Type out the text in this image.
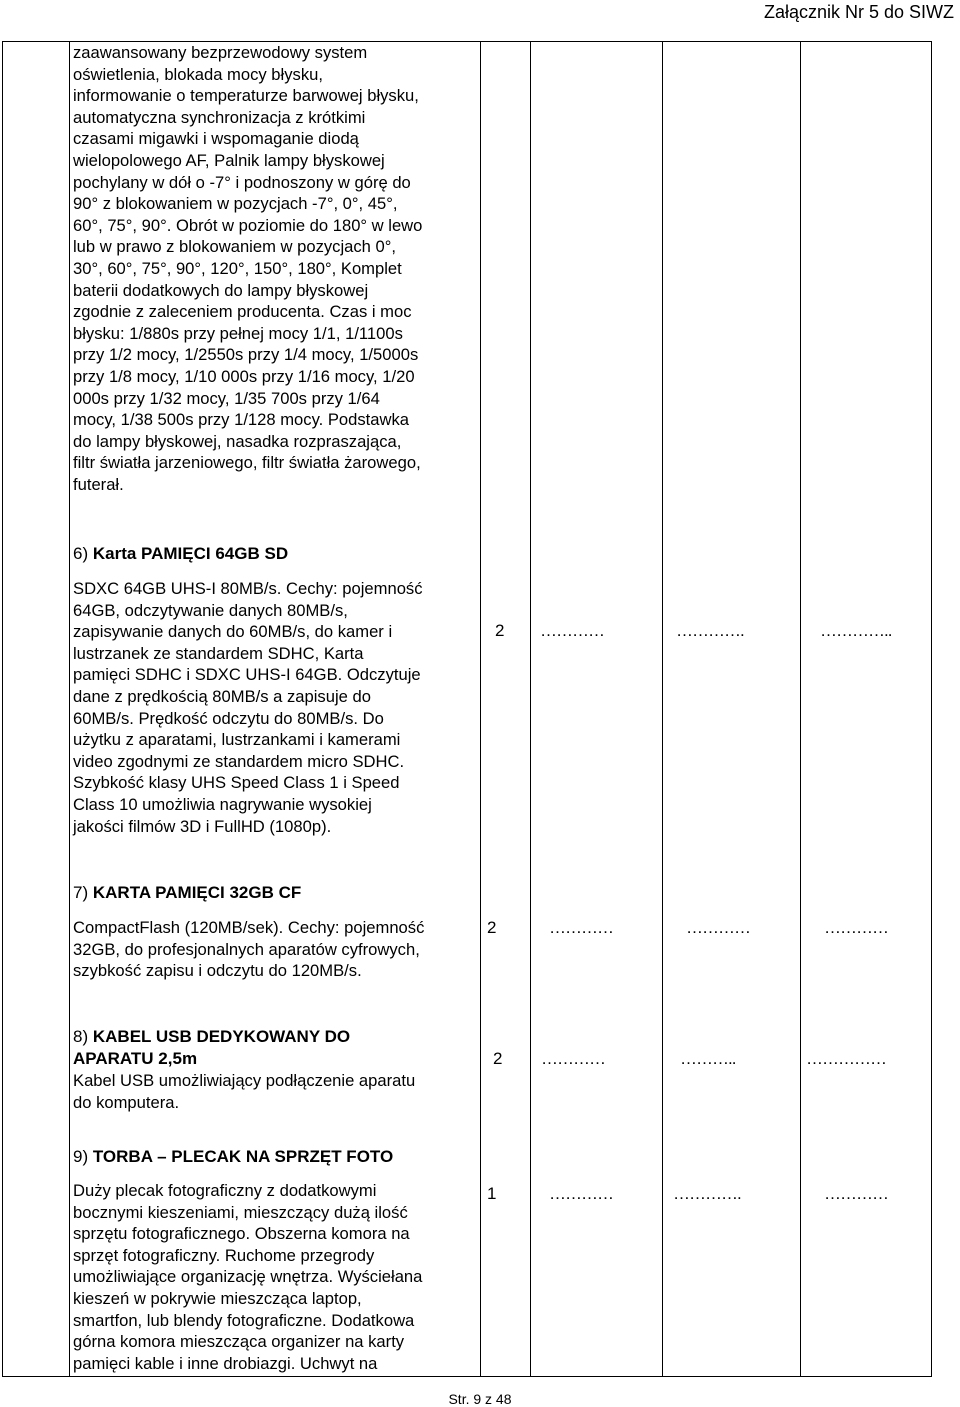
Załącznik Nr 5 do SIWZ
zaawansowany bezprzewodowy system
oświetlenia, blokada mocy błysku,
informowanie o temperaturze barwowej błysku,
automatyczna synchronizacja z krótkimi
czasami migawki i wspomaganie diodą
wielopolowego AF, Palnik lampy błyskowej
pochylany w dół o -7° i podnoszony w górę do
90° z blokowaniem w pozycjach -7°, 0°, 45°,
60°, 75°, 90°. Obrót w poziomie do 180° w lewo
lub w prawo z blokowaniem w pozycjach 0°,
30°, 60°, 75°, 90°, 120°, 150°, 180°, Komplet
baterii dodatkowych do lampy błyskowej
zgodnie z zaleceniem producenta. Czas i moc
błysku: 1/880s przy pełnej mocy 1/1, 1/1100s
przy 1/2 mocy, 1/2550s przy 1/4 mocy, 1/5000s
przy 1/8 mocy, 1/10 000s przy 1/16 mocy, 1/20
000s przy 1/32 mocy, 1/35 700s przy 1/64
mocy, 1/38 500s przy 1/128 mocy. Podstawka
do lampy błyskowej, nasadka rozpraszająca,
filtr światła jarzeniowego, filtr światła żarowego,
futerał.
6) Karta PAMIĘCI 64GB SD
SDXC 64GB UHS-I 80MB/s. Cechy: pojemność
64GB, odczytywanie danych 80MB/s,
zapisywanie danych do 60MB/s, do kamer i
lustrzanek ze standardem SDHC, Karta
pamięci SDHC i SDXC UHS-I 64GB. Odczytuje
dane z prędkością 80MB/s a zapisuje do
60MB/s. Prędkość odczytu do 80MB/s. Do
użytku z aparatami, lustrzankami i kamerami
video zgodnymi ze standardem micro SDHC.
Szybkość klasy UHS Speed Class 1 i Speed
Class 10 umożliwia nagrywanie wysokiej
jakości filmów 3D i FullHD (1080p).
2 …………	………….	…………..
7) KARTA PAMIĘCI 32GB CF
CompactFlash (120MB/sek). Cechy: pojemność
32GB, do profesjonalnych aparatów cyfrowych,
szybkość zapisu i odczytu do 120MB/s.
2	…………	…………	…………
8) KABEL USB DEDYKOWANY DO
APARATU 2,5m
Kabel USB umożliwiający podłączenie aparatu
do komputera.
2 …………	………..	……………
9) TORBA – PLECAK NA SPRZĘT FOTO
Duży plecak fotograficzny z dodatkowymi
bocznymi kieszeniami, mieszczący dużą ilość
sprzętu fotograficznego. Obszerna komora na
sprzęt fotograficzny. Ruchome przegrody
umożliwiające organizację wnętrza. Wyściełana
kieszeń w pokrywie mieszcząca laptop,
smartfon, lub blendy fotograficzne. Dodatkowa
górna komora mieszcząca organizer na karty
pamięci kable i inne drobiazgi. Uchwyt na
1	…………	………….	…………
Str. 9 z 48
